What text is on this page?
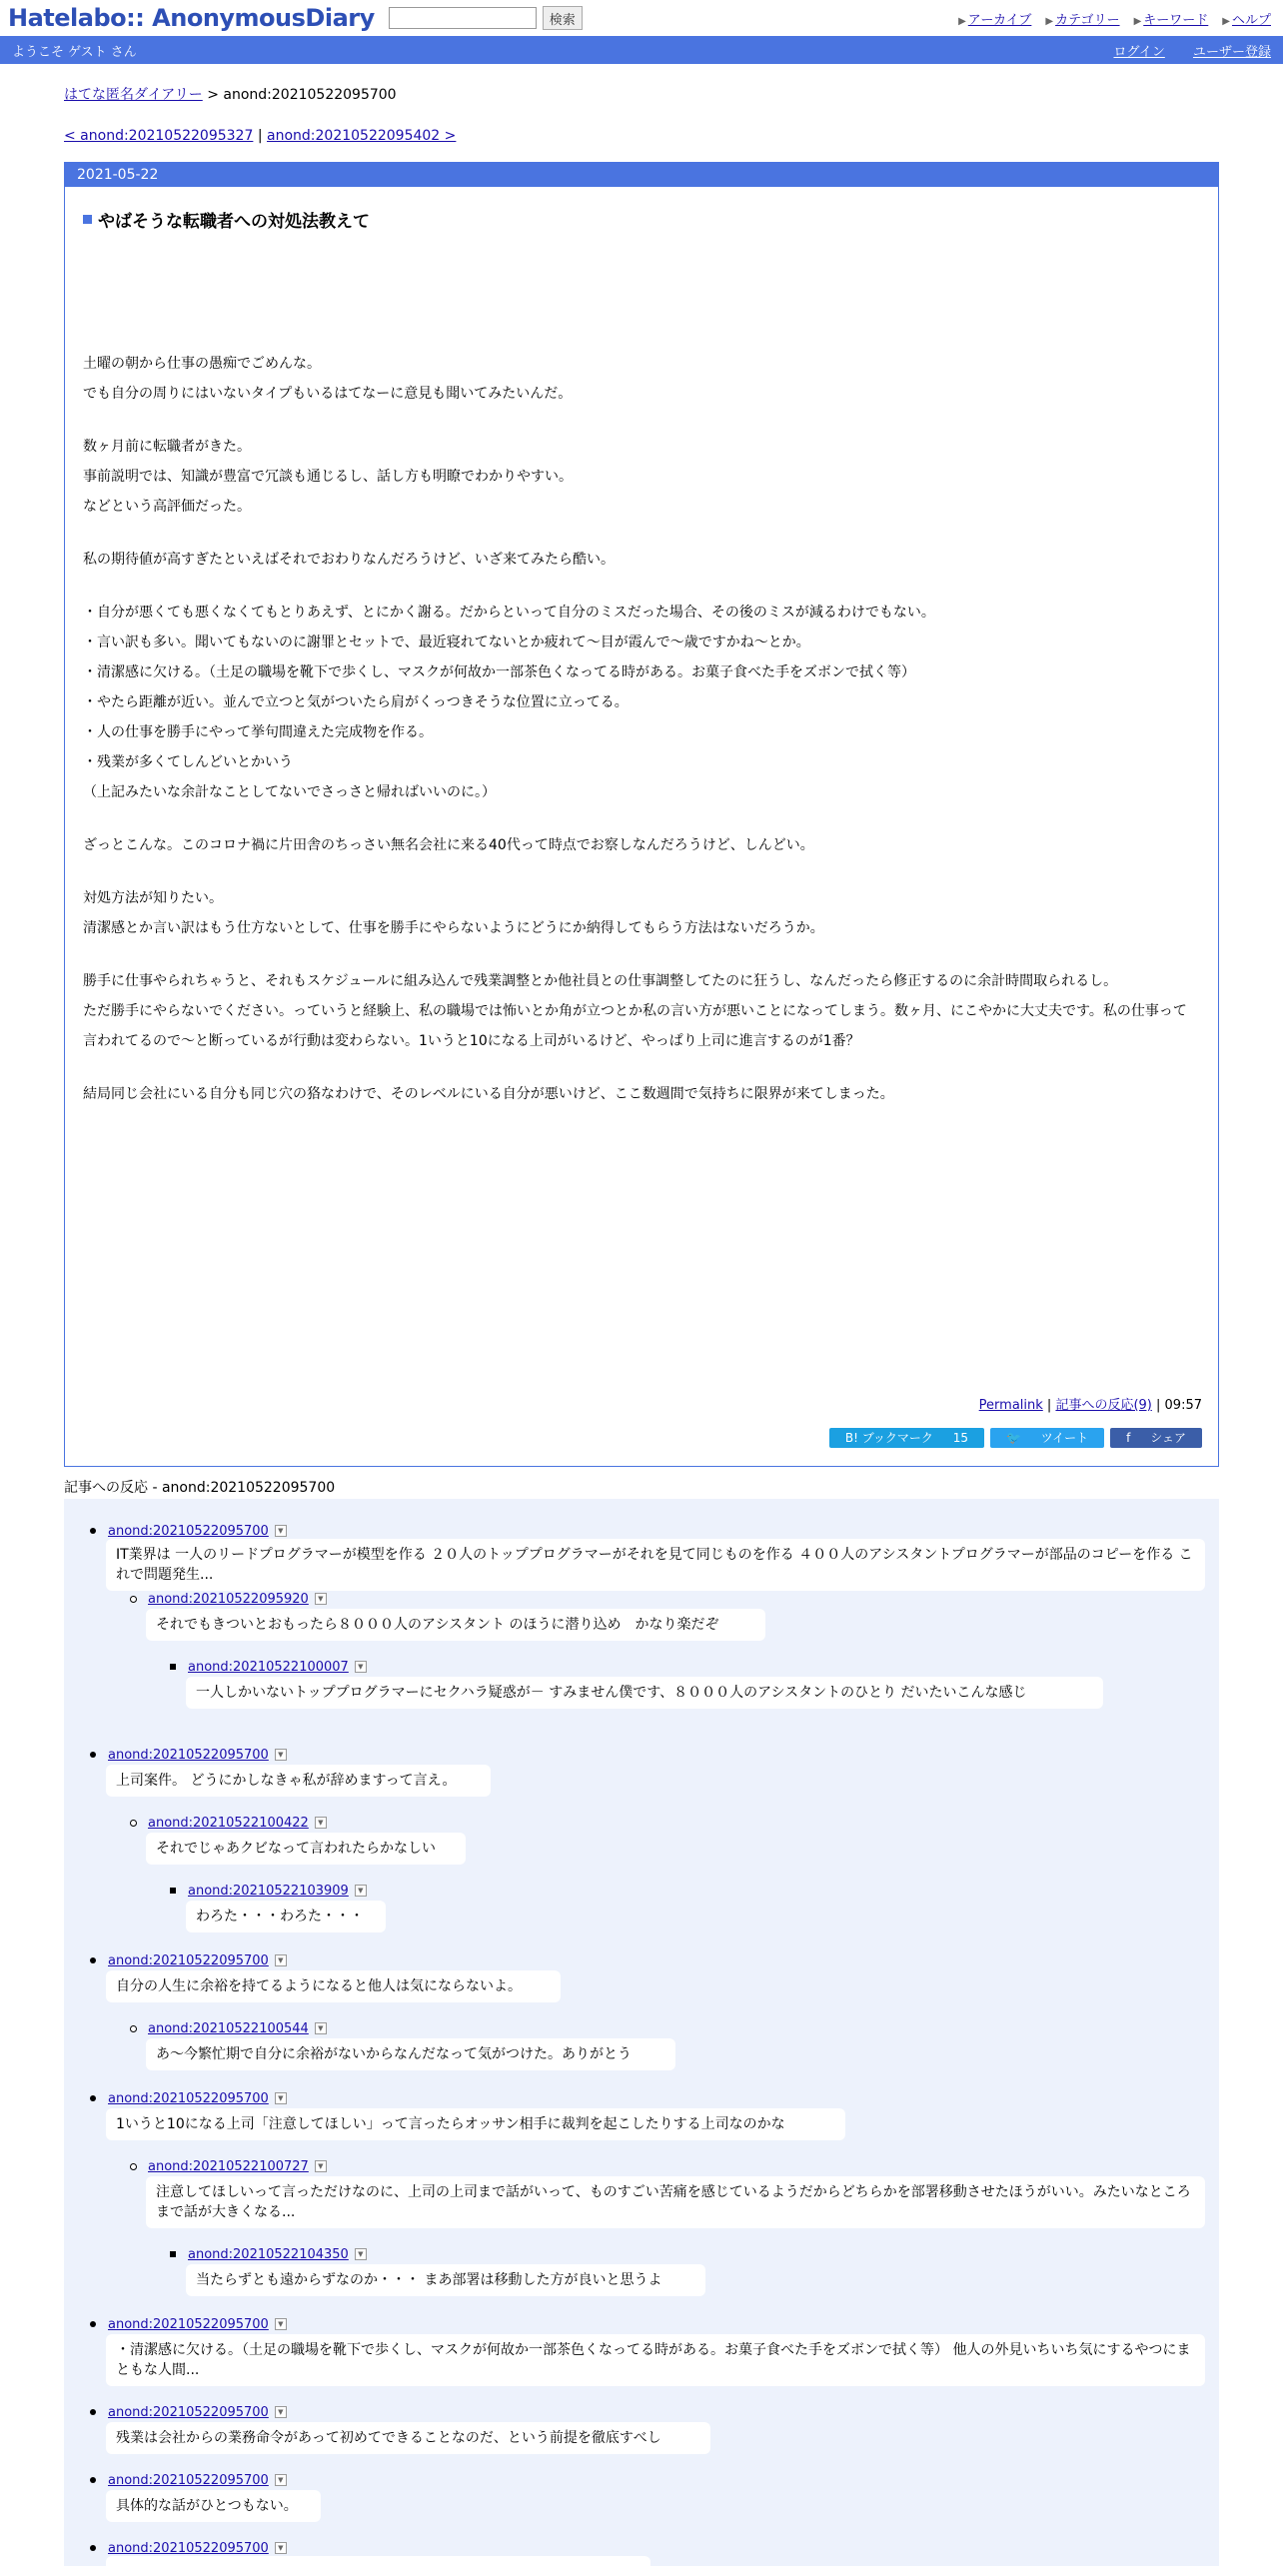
Hatelabo:: AnonymousDiary	検索	▶ アーカイブ ▶ カテゴリー ▶ キーワード ▶ ヘルプ
ようこそ ゲスト さん	ログイン ユーザー登録
はてな匿名ダイアリー > anond:20210522095700
< anond:20210522095327 | anond:20210522095402 >
2021-05-22
やばそうな転職者への対処法教えて

土曜の朝から仕事の愚痴でごめんな。

でも自分の周りにはいないタイプもいるはてなーに意見も聞いてみたいんだ。

数ヶ月前に転職者がきた。

事前説明では、知識が豊富で冗談も通じるし、話し方も明瞭でわかりやすい。

などという高評価だった。

私の期待値が高すぎたといえばそれでおわりなんだろうけど、いざ来てみたら酷い。

・自分が悪くても悪くなくてもとりあえず、とにかく謝る。だからといって自分のミスだった場合、その後のミスが減るわけでもない。

・言い訳も多い。聞いてもないのに謝罪とセットで、最近寝れてないとか疲れて〜目が霞んで〜歳ですかね〜とか。

・清潔感に欠ける。（土足の職場を靴下で歩くし、マスクが何故か一部茶色くなってる時がある。お菓子食べた手をズボンで拭く等）

・やたら距離が近い。並んで立つと気がついたら肩がくっつきそうな位置に立ってる。

・人の仕事を勝手にやって挙句間違えた完成物を作る。

・残業が多くてしんどいとかいう

（上記みたいな余計なことしてないでさっさと帰ればいいのに。）

ざっとこんな。このコロナ禍に片田舎のちっさい無名会社に来る40代って時点でお察しなんだろうけど、しんどい。

対処方法が知りたい。

清潔感とか言い訳はもう仕方ないとして、仕事を勝手にやらないようにどうにか納得してもらう方法はないだろうか。

勝手に仕事やられちゃうと、それもスケジュールに組み込んで残業調整とか他社員との仕事調整してたのに狂うし、なんだったら修正するのに余計時間取られるし。

ただ勝手にやらないでください。っていうと経験上、私の職場では怖いとか角が立つとか私の言い方が悪いことになってしまう。数ヶ月、にこやかに大丈夫です。私の仕事って言われてるので〜と断っているが行動は変わらない。1いうと10になる上司がいるけど、やっぱり上司に進言するのが1番？

結局同じ会社にいる自分も同じ穴の狢なわけで、そのレベルにいる自分が悪いけど、ここ数週間で気持ちに限界が来てしまった。

Permalink | 記事への反応(9) | 09:57
B! ブックマーク 15	🐦 ツイート	f シェア
記事への反応 - anond:20210522095700
anond:20210522095700 ▼
IT業界は 一人のリードプログラマーが模型を作る ２０人のトッププログラマーがそれを見て同じものを作る ４００人のアシスタントプログラマーが部品のコピーを作る これで問題発生...
anond:20210522095920 ▼
それでもきついとおもったら８０００人のアシスタント のほうに潜り込め　かなり楽だぞ
anond:20210522100007 ▼
一人しかいないトッププログラマーにセクハラ疑惑が－ すみません僕です、８０００人のアシスタントのひとり だいたいこんな感じ
anond:20210522095700 ▼
上司案件。 どうにかしなきゃ私が辞めますって言え。
anond:20210522100422 ▼
それでじゃあクビなって言われたらかなしい
anond:20210522103909 ▼
わろた・・・わろた・・・
anond:20210522095700 ▼
自分の人生に余裕を持てるようになると他人は気にならないよ。
anond:20210522100544 ▼
あ〜今繁忙期で自分に余裕がないからなんだなって気がつけた。ありがとう
anond:20210522095700 ▼
1いうと10になる上司「注意してほしい」って言ったらオッサン相手に裁判を起こしたりする上司なのかな
anond:20210522100727 ▼
注意してほしいって言っただけなのに、上司の上司まで話がいって、ものすごい苦痛を感じているようだからどちらかを部署移動させたほうがいい。みたいなところまで話が大きくなる...
anond:20210522104350 ▼
当たらずとも遠からずなのか・・・ まあ部署は移動した方が良いと思うよ
anond:20210522095700 ▼
・清潔感に欠ける。（土足の職場を靴下で歩くし、マスクが何故か一部茶色くなってる時がある。お菓子食べた手をズボンで拭く等） 他人の外見いちいち気にするやつにまともな人間...
anond:20210522095700 ▼
残業は会社からの業務命令があって初めてできることなのだ、という前提を徹底すべし
anond:20210522095700 ▼
具体的な話がひとつもない。
anond:20210522095700 ▼
